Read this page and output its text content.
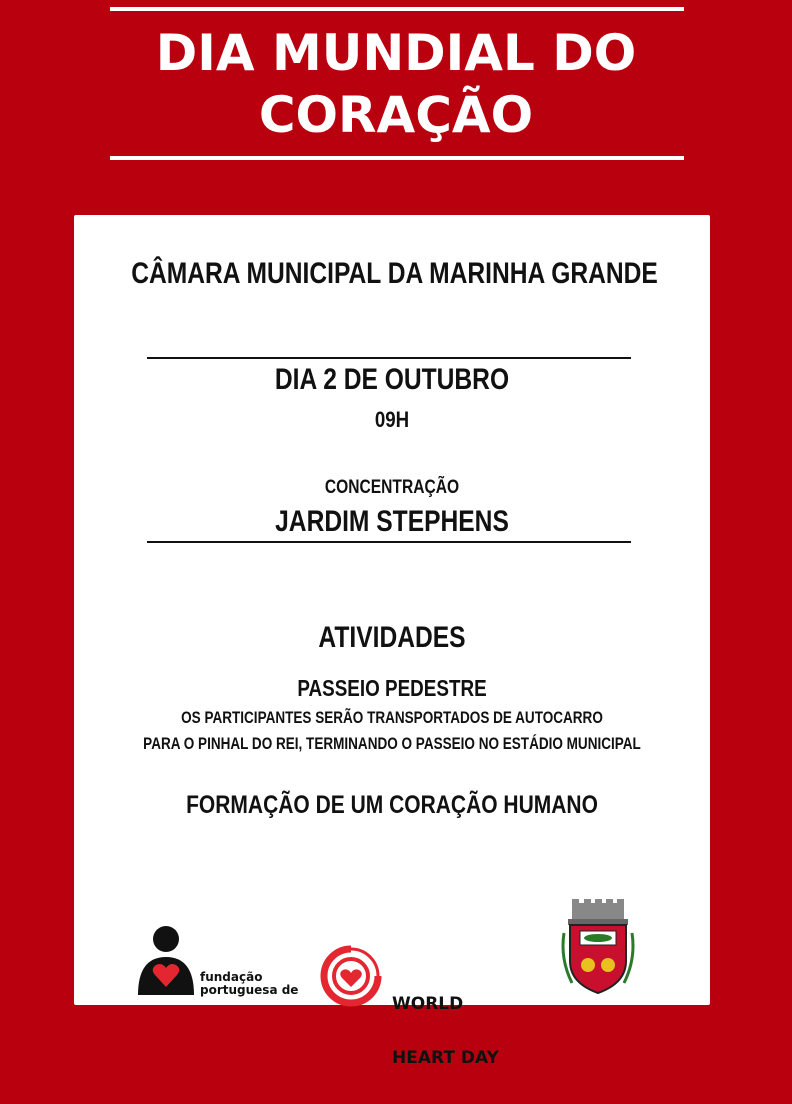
DIA MUNDIAL DO
CORAÇÃO
CÂMARA MUNICIPAL DA MARINHA GRANDE
DIA 2 DE OUTUBRO
09H
CONCENTRAÇÃO
JARDIM STEPHENS
ATIVIDADES
PASSEIO PEDESTRE
OS PARTICIPANTES SERÃO TRANSPORTADOS DE AUTOCARRO
PARA O PINHAL DO REI, TERMINANDO O PASSEIO NO ESTÁDIO MUNICIPAL
FORMAÇÃO DE UM CORAÇÃO HUMANO
fundação
portuguesa de

WORLD

HEART DAY
